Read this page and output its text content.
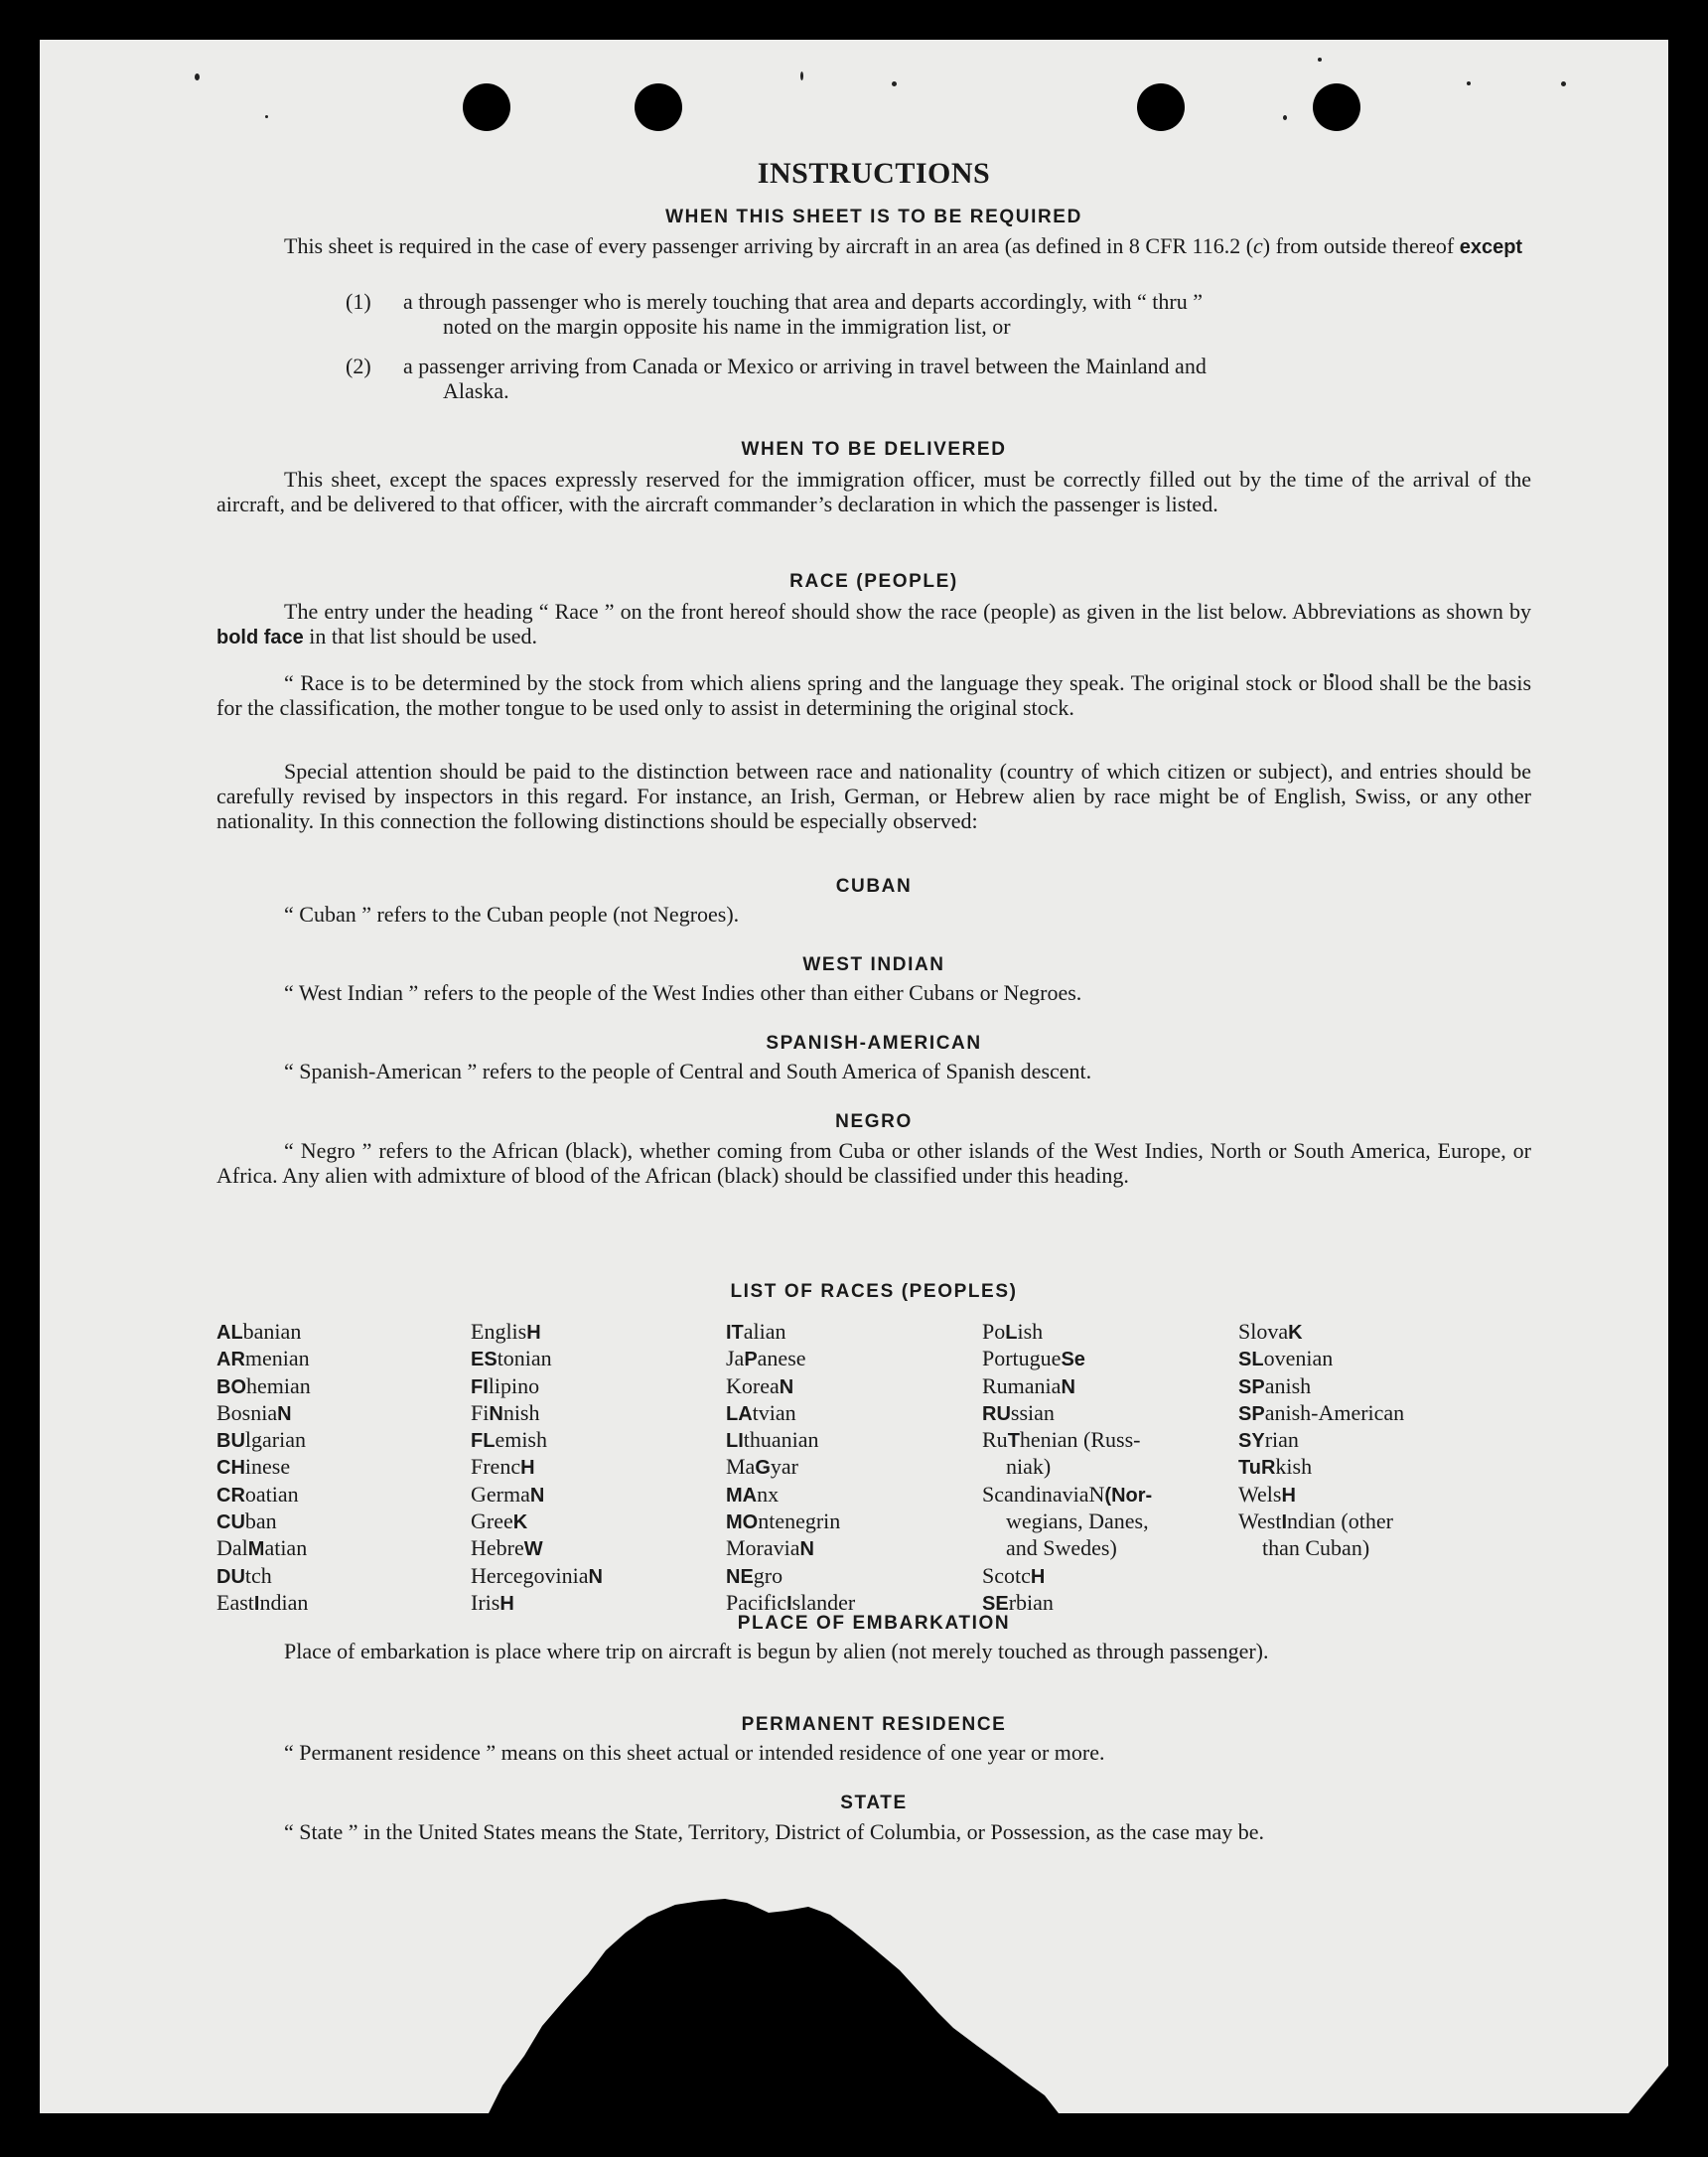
INSTRUCTIONS
WHEN THIS SHEET IS TO BE REQUIRED
This sheet is required in the case of every passenger arriving by aircraft in an area (as defined in 8 CFR 116.2 (c) from outside thereof except
(1) a through passenger who is merely touching that area and departs accordingly, with “ thru ”
noted on the margin opposite his name in the immigration list, or
(2) a passenger arriving from Canada or Mexico or arriving in travel between the Mainland and
Alaska.
WHEN TO BE DELIVERED
This sheet, except the spaces expressly reserved for the immigration officer, must be correctly filled out by the time of the arrival of the aircraft, and be delivered to that officer, with the aircraft commander’s declaration in which the passenger is listed.
RACE (PEOPLE)
The entry under the heading “ Race ” on the front hereof should show the race (people) as given in the list below. Abbreviations as shown by bold face in that list should be used.
“ Race is to be determined by the stock from which aliens spring and the language they speak. The original stock or blood shall be the basis for the classification, the mother tongue to be used only to assist in determining the original stock.
Special attention should be paid to the distinction between race and nationality (country of which citizen or subject), and entries should be carefully revised by inspectors in this regard. For instance, an Irish, German, or Hebrew alien by race might be of English, Swiss, or any other nationality. In this connection the following distinctions should be especially observed:
CUBAN
“ Cuban ” refers to the Cuban people (not Negroes).
WEST INDIAN
“ West Indian ” refers to the people of the West Indies other than either Cubans or Negroes.
SPANISH-AMERICAN
“ Spanish-American ” refers to the people of Central and South America of Spanish descent.
NEGRO
“ Negro ” refers to the African (black), whether coming from Cuba or other islands of the West Indies, North or South America, Europe, or Africa. Any alien with admixture of blood of the African (black) should be classified under this heading.
LIST OF RACES (PEOPLES)
ALbanian
ARmenian
BOhemian
BosniaN
BUlgarian
CHinese
CRoatian
CUban
DalMatian
DUtch
EastIndian
EnglisH
EStonian
FIlipino
FiNnish
FLemish
FrencH
GermaN
GreeK
HebreW
HercegoviniaN
IrisH
ITalian
JaPanese
KoreaN
LAtvian
LIthuanian
MaGyar
MAnx
MOntenegrin
MoraviaN
NEgro
PacificIslander
PoLish
PortugueSe
RumaniaN
RUssian
RuThenian (Russ-
niak)
ScandinaviaN(Nor-
wegians, Danes,
and Swedes)
ScotcH
SErbian
SlovaK
SLovenian
SPanish
SPanish-American
SYrian
TuRkish
WelsH
WestIndian (other
than Cuban)
PLACE OF EMBARKATION
Place of embarkation is place where trip on aircraft is begun by alien (not merely touched as through passenger).
PERMANENT RESIDENCE
“ Permanent residence ” means on this sheet actual or intended residence of one year or more.
STATE
“ State ” in the United States means the State, Territory, District of Columbia, or Possession, as the case may be.
